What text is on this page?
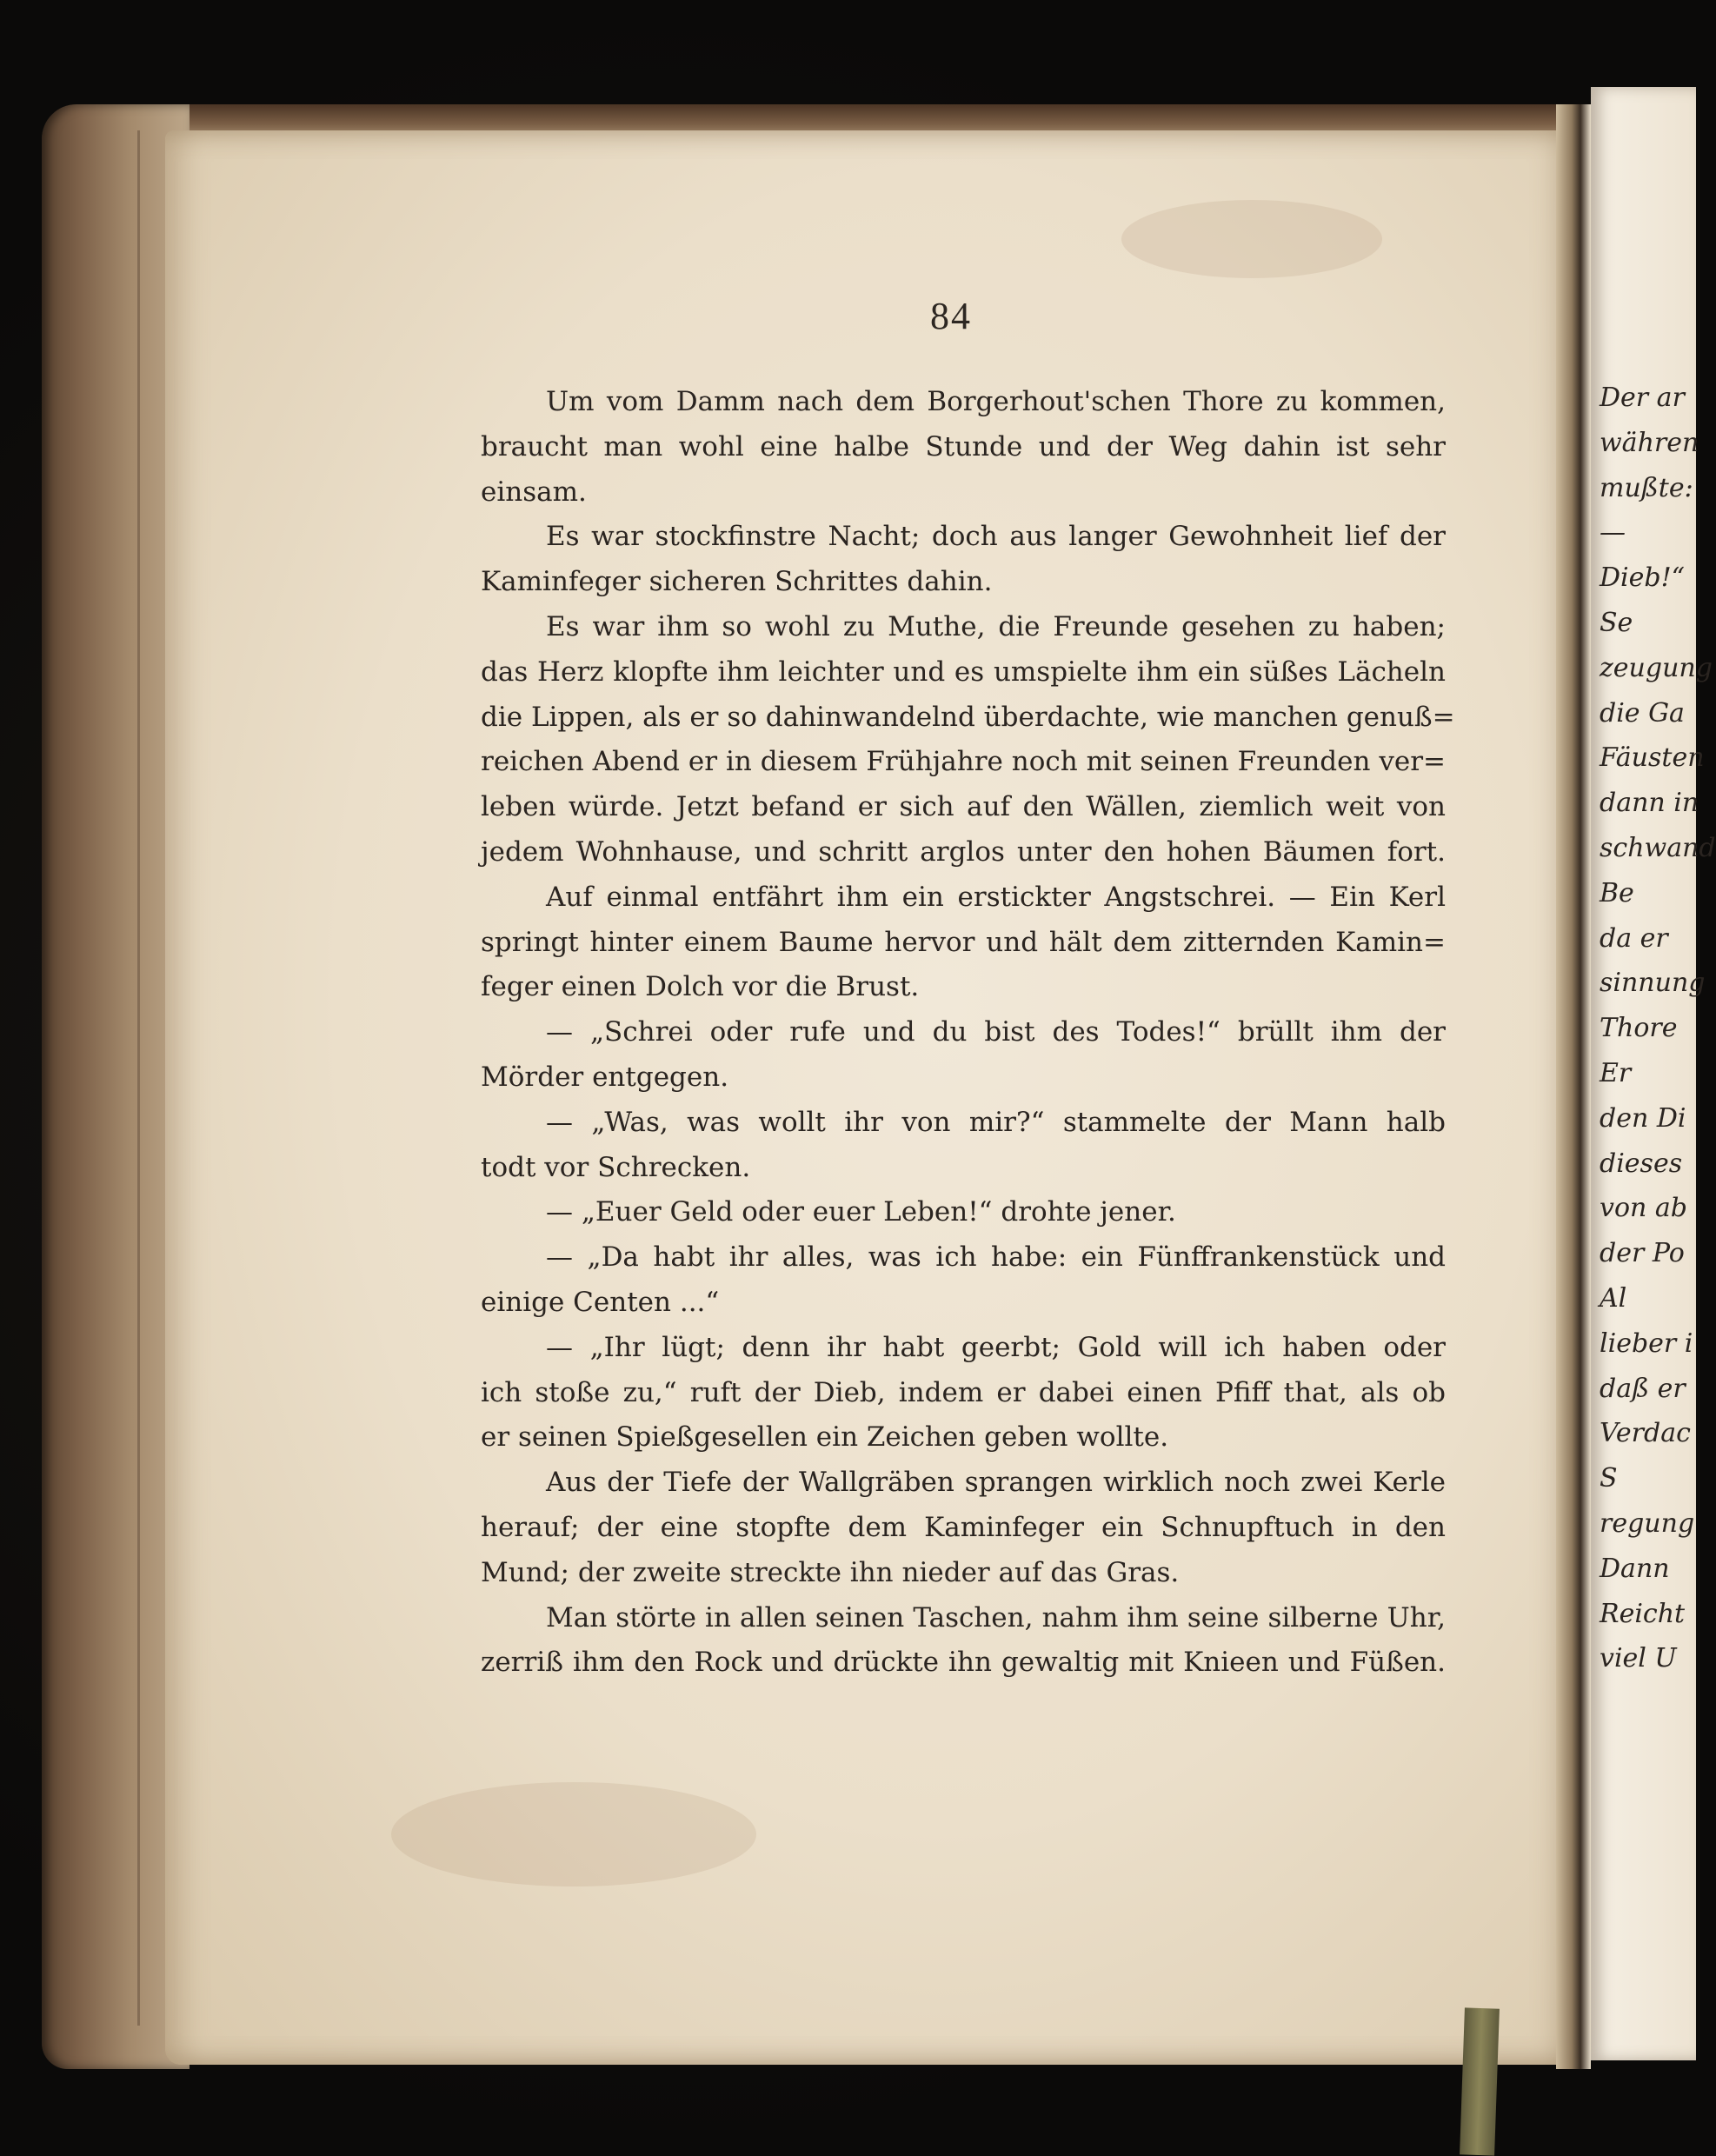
84
Um vom Damm nach dem Borgerhout'schen Thore zu kommen,
braucht man wohl eine halbe Stunde und der Weg dahin ist sehr
einsam.
Es war stockfinstre Nacht; doch aus langer Gewohnheit lief der
Kaminfeger sicheren Schrittes dahin.
Es war ihm so wohl zu Muthe, die Freunde gesehen zu haben;
das Herz klopfte ihm leichter und es umspielte ihm ein süßes Lächeln
die Lippen, als er so dahinwandelnd überdachte, wie manchen genuß=
reichen Abend er in diesem Frühjahre noch mit seinen Freunden ver=
leben würde. Jetzt befand er sich auf den Wällen, ziemlich weit von
jedem Wohnhause, und schritt arglos unter den hohen Bäumen fort.
Auf einmal entfährt ihm ein erstickter Angstschrei. — Ein Kerl
springt hinter einem Baume hervor und hält dem zitternden Kamin=
feger einen Dolch vor die Brust.
— „Schrei oder rufe und du bist des Todes!“ brüllt ihm der
Mörder entgegen.
— „Was, was wollt ihr von mir?“ stammelte der Mann halb
todt vor Schrecken.
— „Euer Geld oder euer Leben!“ drohte jener.
— „Da habt ihr alles, was ich habe: ein Fünffrankenstück und
einige Centen ...“
— „Ihr lügt; denn ihr habt geerbt; Gold will ich haben oder
ich stoße zu,“ ruft der Dieb, indem er dabei einen Pfiff that, als ob
er seinen Spießgesellen ein Zeichen geben wollte.
Aus der Tiefe der Wallgräben sprangen wirklich noch zwei Kerle
herauf; der eine stopfte dem Kaminfeger ein Schnupftuch in den
Mund; der zweite streckte ihn nieder auf das Gras.
Man störte in allen seinen Taschen, nahm ihm seine silberne Uhr,
zerriß ihm den Rock und drückte ihn gewaltig mit Knieen und Füßen.
Der ar
währen
mußte:
—
Dieb!“
Se
zeugung
die Ga
Fäusten
dann in
schwand
Be
da er
sinnung
Thore
Er
den Di
dieses
von ab
der Po
Al
lieber i
daß er
Verdac
S
regung
Dann
Reicht
viel U
